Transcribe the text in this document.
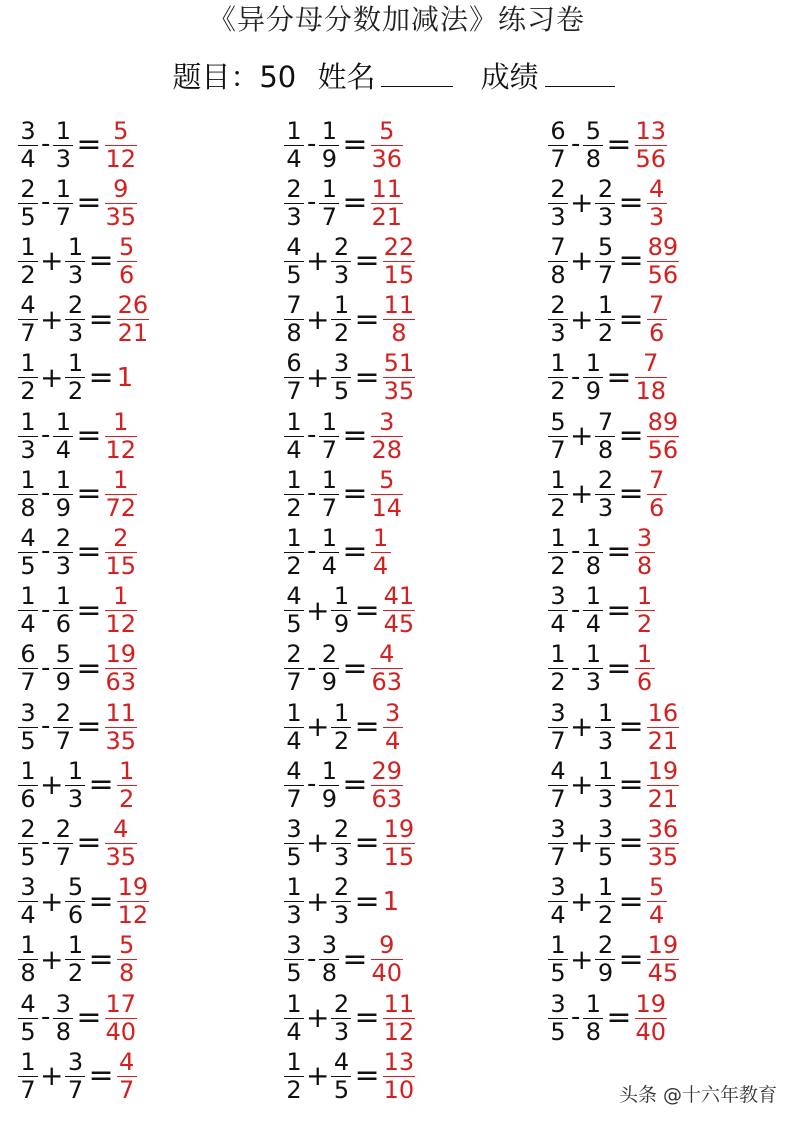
《异分母分数加减法》练习卷
题目：50 姓名	成绩
$\frac{3}{4} - \frac{1}{3} = \frac{5}{12}$
$\frac{2}{5} - \frac{1}{7} = \frac{9}{35}$
$\frac{1}{2} + \frac{1}{3} = \frac{5}{6}$
$\frac{4}{7} + \frac{2}{3} = \frac{26}{21}$
$\frac{1}{2} + \frac{1}{2} = 1$
$\frac{1}{3} - \frac{1}{4} = \frac{1}{12}$
$\frac{1}{8} - \frac{1}{9} = \frac{1}{72}$
$\frac{4}{5} - \frac{2}{3} = \frac{2}{15}$
$\frac{1}{4} - \frac{1}{6} = \frac{1}{12}$
$\frac{6}{7} - \frac{5}{9} = \frac{19}{63}$
$\frac{3}{5} - \frac{2}{7} = \frac{11}{35}$
$\frac{1}{6} + \frac{1}{3} = \frac{1}{2}$
$\frac{2}{5} - \frac{2}{7} = \frac{4}{35}$
$\frac{3}{4} + \frac{5}{6} = \frac{19}{12}$
$\frac{1}{8} + \frac{1}{2} = \frac{5}{8}$
$\frac{4}{5} - \frac{3}{8} = \frac{17}{40}$
$\frac{1}{7} + \frac{3}{7} = \frac{4}{7}$
$\frac{1}{4} - \frac{1}{9} = \frac{5}{36}$
$\frac{2}{3} - \frac{1}{7} = \frac{11}{21}$
$\frac{4}{5} + \frac{2}{3} = \frac{22}{15}$
$\frac{7}{8} + \frac{1}{2} = \frac{11}{8}$
$\frac{6}{7} + \frac{3}{5} = \frac{51}{35}$
$\frac{1}{4} - \frac{1}{7} = \frac{3}{28}$
$\frac{1}{2} - \frac{1}{7} = \frac{5}{14}$
$\frac{1}{2} - \frac{1}{4} = \frac{1}{4}$
$\frac{4}{5} + \frac{1}{9} = \frac{41}{45}$
$\frac{2}{7} - \frac{2}{9} = \frac{4}{63}$
$\frac{1}{4} + \frac{1}{2} = \frac{3}{4}$
$\frac{4}{7} - \frac{1}{9} = \frac{29}{63}$
$\frac{3}{5} + \frac{2}{3} = \frac{19}{15}$
$\frac{1}{3} + \frac{2}{3} = 1$
$\frac{3}{5} - \frac{3}{8} = \frac{9}{40}$
$\frac{1}{4} + \frac{2}{3} = \frac{11}{12}$
$\frac{1}{2} + \frac{4}{5} = \frac{13}{10}$
$\frac{6}{7} - \frac{5}{8} = \frac{13}{56}$
$\frac{2}{3} + \frac{2}{3} = \frac{4}{3}$
$\frac{7}{8} + \frac{5}{7} = \frac{89}{56}$
$\frac{2}{3} + \frac{1}{2} = \frac{7}{6}$
$\frac{1}{2} - \frac{1}{9} = \frac{7}{18}$
$\frac{5}{7} + \frac{7}{8} = \frac{89}{56}$
$\frac{1}{2} + \frac{2}{3} = \frac{7}{6}$
$\frac{1}{2} - \frac{1}{8} = \frac{3}{8}$
$\frac{3}{4} - \frac{1}{4} = \frac{1}{2}$
$\frac{1}{2} - \frac{1}{3} = \frac{1}{6}$
$\frac{3}{7} + \frac{1}{3} = \frac{16}{21}$
$\frac{4}{7} + \frac{1}{3} = \frac{19}{21}$
$\frac{3}{7} + \frac{3}{5} = \frac{36}{35}$
$\frac{3}{4} + \frac{1}{2} = \frac{5}{4}$
$\frac{1}{5} + \frac{2}{9} = \frac{19}{45}$
$\frac{3}{5} - \frac{1}{8} = \frac{19}{40}$
头条 @十六年教育
